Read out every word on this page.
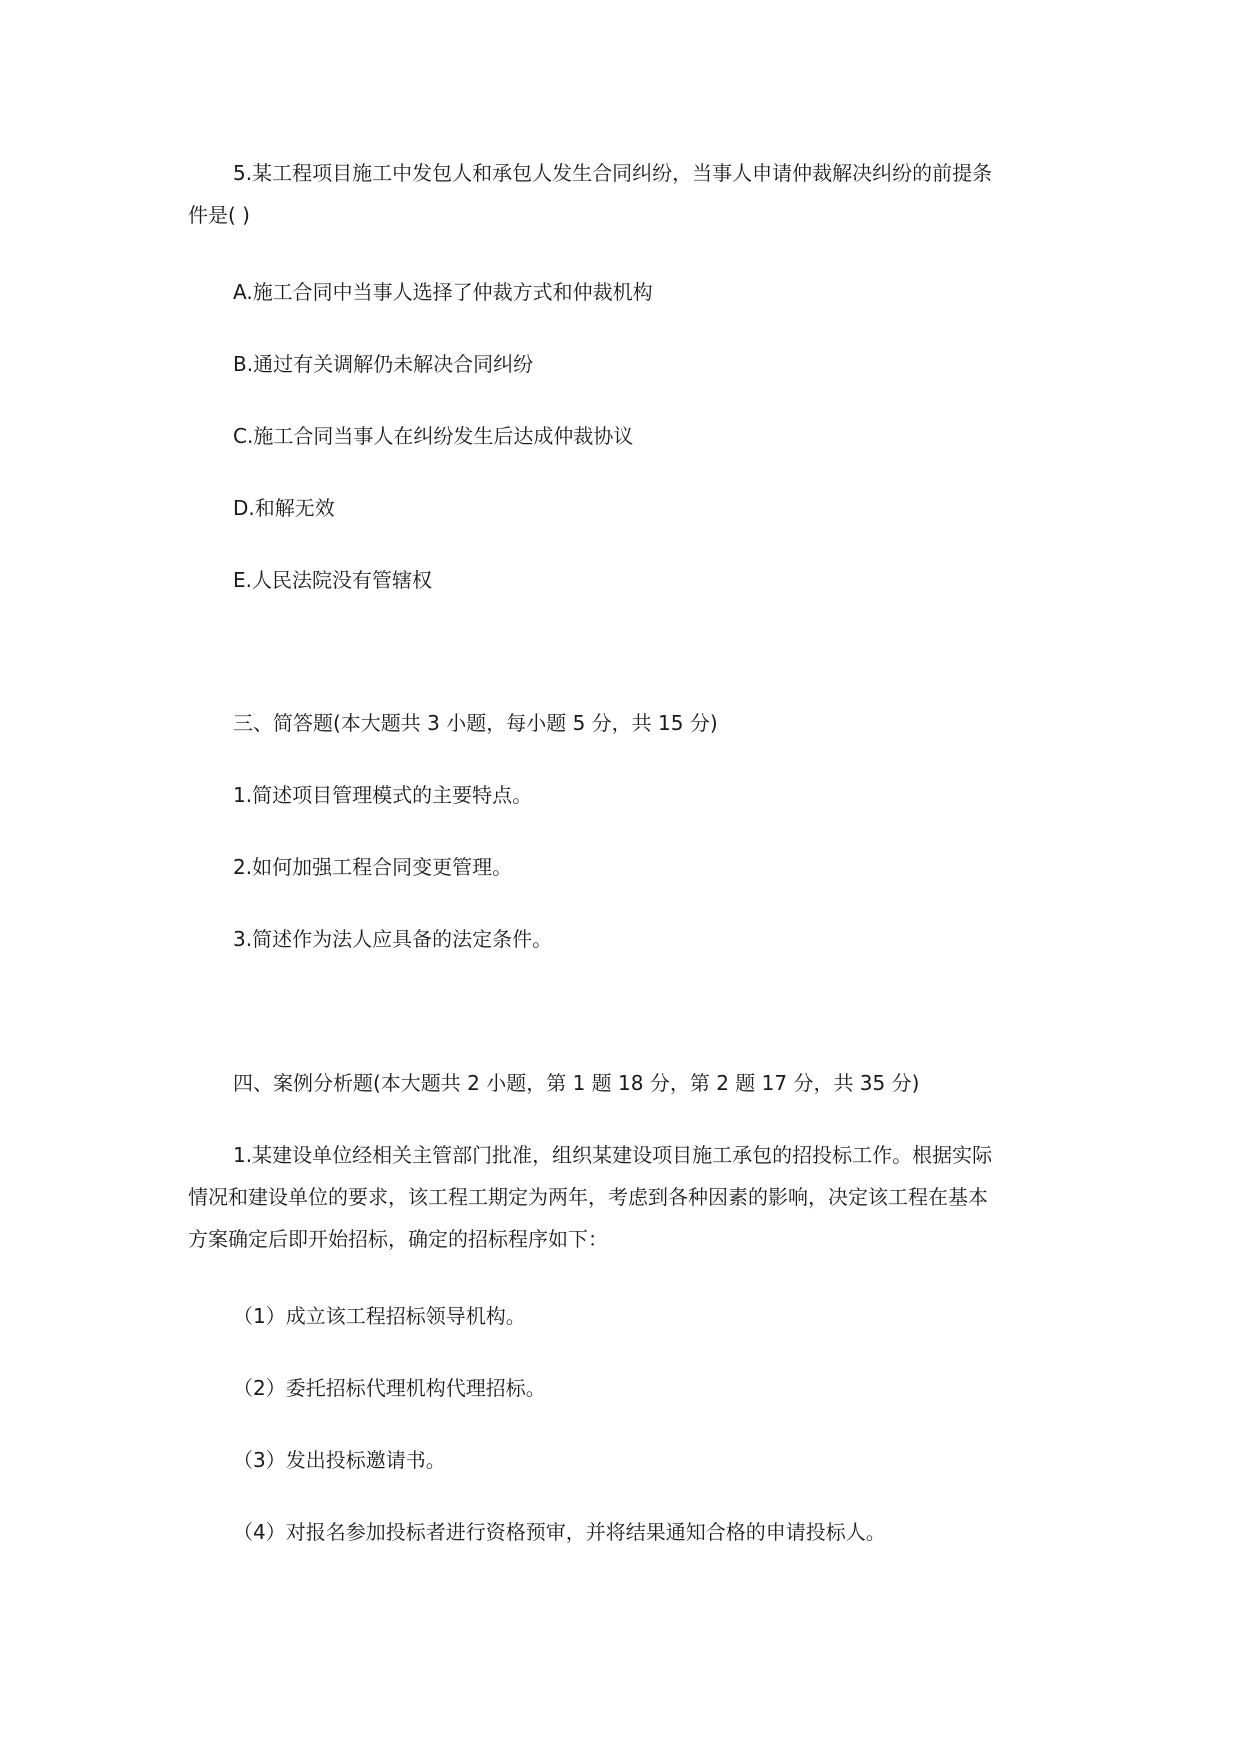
5.某工程项目施工中发包人和承包人发生合同纠纷，当事人申请仲裁解决纠纷的前提条
件是( )
A.施工合同中当事人选择了仲裁方式和仲裁机构
B.通过有关调解仍未解决合同纠纷
C.施工合同当事人在纠纷发生后达成仲裁协议
D.和解无效
E.人民法院没有管辖权
三、简答题(本大题共 3 小题，每小题 5 分，共 15 分)
1.简述项目管理模式的主要特点。
2.如何加强工程合同变更管理。
3.简述作为法人应具备的法定条件。
四、案例分析题(本大题共 2 小题，第 1 题 18 分，第 2 题 17 分，共 35 分)
1.某建设单位经相关主管部门批准，组织某建设项目施工承包的招投标工作。根据实际
情况和建设单位的要求，该工程工期定为两年，考虑到各种因素的影响，决定该工程在基本
方案确定后即开始招标，确定的招标程序如下：
（1）成立该工程招标领导机构。
（2）委托招标代理机构代理招标。
（3）发出投标邀请书。
（4）对报名参加投标者进行资格预审，并将结果通知合格的申请投标人。
